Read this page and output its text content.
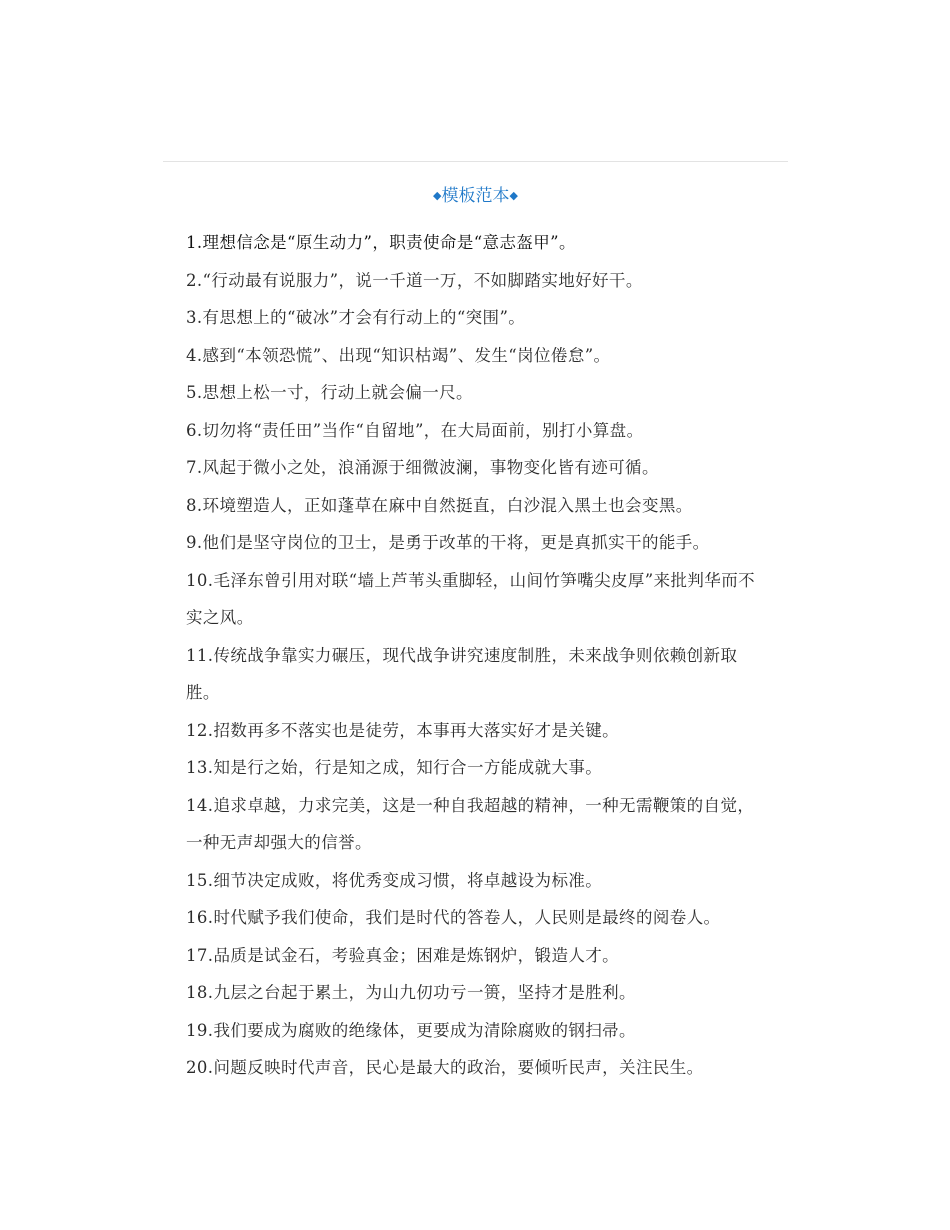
◆模板范本◆
1.理想信念是“原生动力”，职责使命是“意志盔甲”。
2.“行动最有说服力”，说一千道一万，不如脚踏实地好好干。
3.有思想上的“破冰”才会有行动上的“突围”。
4.感到“本领恐慌”、出现“知识枯竭”、发生“岗位倦怠”。
5.思想上松一寸，行动上就会偏一尺。
6.切勿将“责任田”当作“自留地”，在大局面前，别打小算盘。
7.风起于微小之处，浪涌源于细微波澜，事物变化皆有迹可循。
8.环境塑造人，正如蓬草在麻中自然挺直，白沙混入黑土也会变黑。
9.他们是坚守岗位的卫士，是勇于改革的干将，更是真抓实干的能手。
10.毛泽东曾引用对联“墙上芦苇头重脚轻，山间竹笋嘴尖皮厚”来批判华而不实之风。
11.传统战争靠实力碾压，现代战争讲究速度制胜，未来战争则依赖创新取胜。
12.招数再多不落实也是徒劳，本事再大落实好才是关键。
13.知是行之始，行是知之成，知行合一方能成就大事。
14.追求卓越，力求完美，这是一种自我超越的精神，一种无需鞭策的自觉，一种无声却强大的信誉。
15.细节决定成败，将优秀变成习惯，将卓越设为标准。
16.时代赋予我们使命，我们是时代的答卷人，人民则是最终的阅卷人。
17.品质是试金石，考验真金；困难是炼钢炉，锻造人才。
18.九层之台起于累土，为山九仞功亏一篑，坚持才是胜利。
19.我们要成为腐败的绝缘体，更要成为清除腐败的钢扫帚。
20.问题反映时代声音，民心是最大的政治，要倾听民声，关注民生。
